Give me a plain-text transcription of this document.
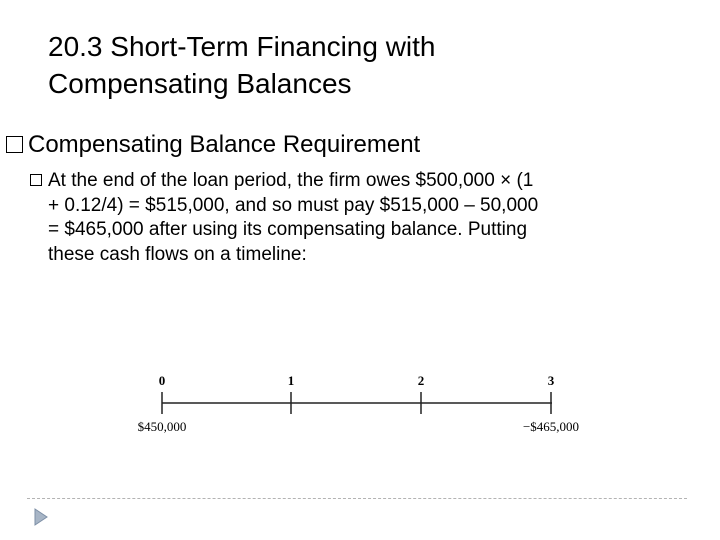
20.3 Short-Term Financing with
Compensating Balances
Compensating Balance Requirement
At the end of the loan period, the firm owes $500,000 × (1
+ 0.12/4) = $515,000, and so must pay $515,000 – 50,000
= $465,000 after using its compensating balance. Putting
these cash flows on a timeline:
0	1	2	3
$450,000	−$465,000
